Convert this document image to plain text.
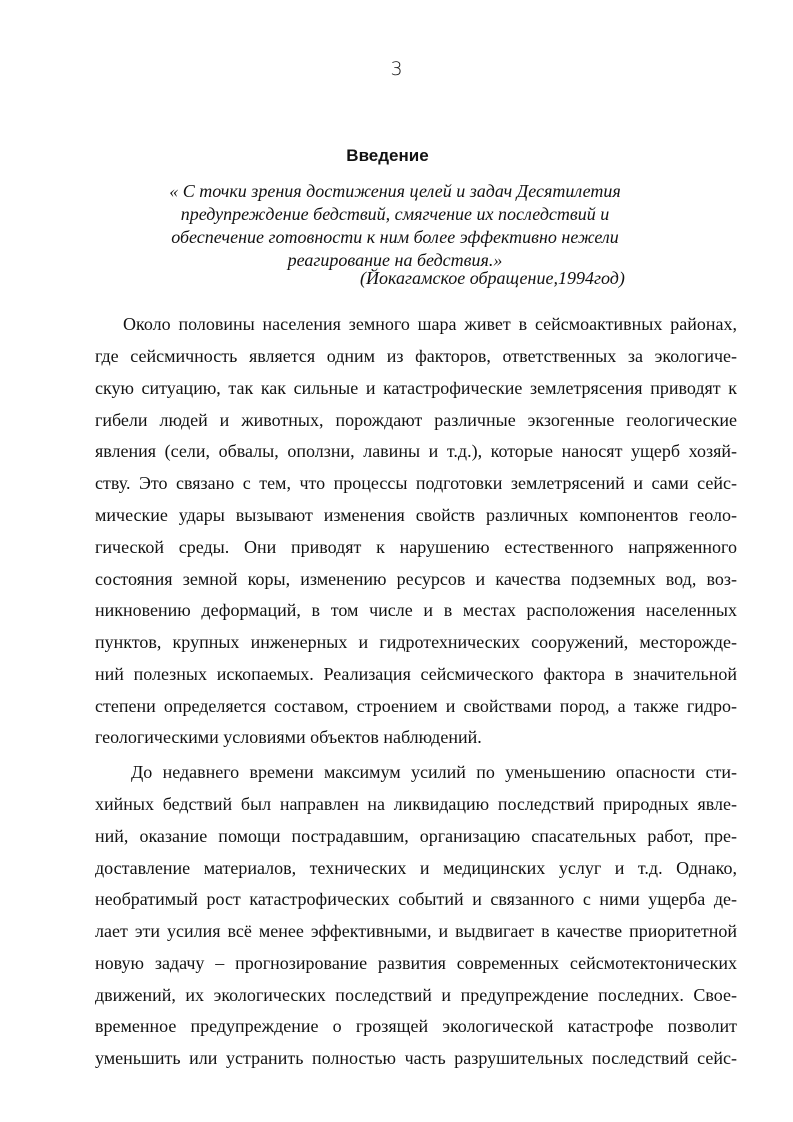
3
Введение
« С точки зрения достижения целей и задач Десятилетия
предупреждение бедствий, смягчение их последствий и
обеспечение готовности к ним более эффективно нежели
реагирование на бедствия.»
(Йокагамское обращение,1994год)
Около половины населения земного шара живет в сейсмоактивных районах,
где сейсмичность является одним из факторов, ответственных за экологиче-
скую ситуацию, так как сильные и катастрофические землетрясения приводят к
гибели людей и животных, порождают различные экзогенные геологические
явления (сели, обвалы, оползни, лавины и т.д.), которые наносят ущерб хозяй-
ству. Это связано с тем, что процессы подготовки землетрясений и сами сейс-
мические удары вызывают изменения свойств различных компонентов геоло-
гической среды. Они приводят к нарушению естественного напряженного
состояния земной коры, изменению ресурсов и качества подземных вод, воз-
никновению деформаций, в том числе и в местах расположения населенных
пунктов, крупных инженерных и гидротехнических сооружений, месторожде-
ний полезных ископаемых. Реализация сейсмического фактора в значительной
степени определяется составом, строением и свойствами пород, а также гидро-
геологическими условиями объектов наблюдений.
До недавнего времени максимум усилий по уменьшению опасности сти-
хийных бедствий был направлен на ликвидацию последствий природных явле-
ний, оказание помощи пострадавшим, организацию спасательных работ, пре-
доставление материалов, технических и медицинских услуг и т.д. Однако,
необратимый рост катастрофических событий и связанного с ними ущерба де-
лает эти усилия всё менее эффективными, и выдвигает в качестве приоритетной
новую задачу – прогнозирование развития современных сейсмотектонических
движений, их экологических последствий и предупреждение последних. Свое-
временное предупреждение о грозящей экологической катастрофе позволит
уменьшить или устранить полностью часть разрушительных последствий сейс-
